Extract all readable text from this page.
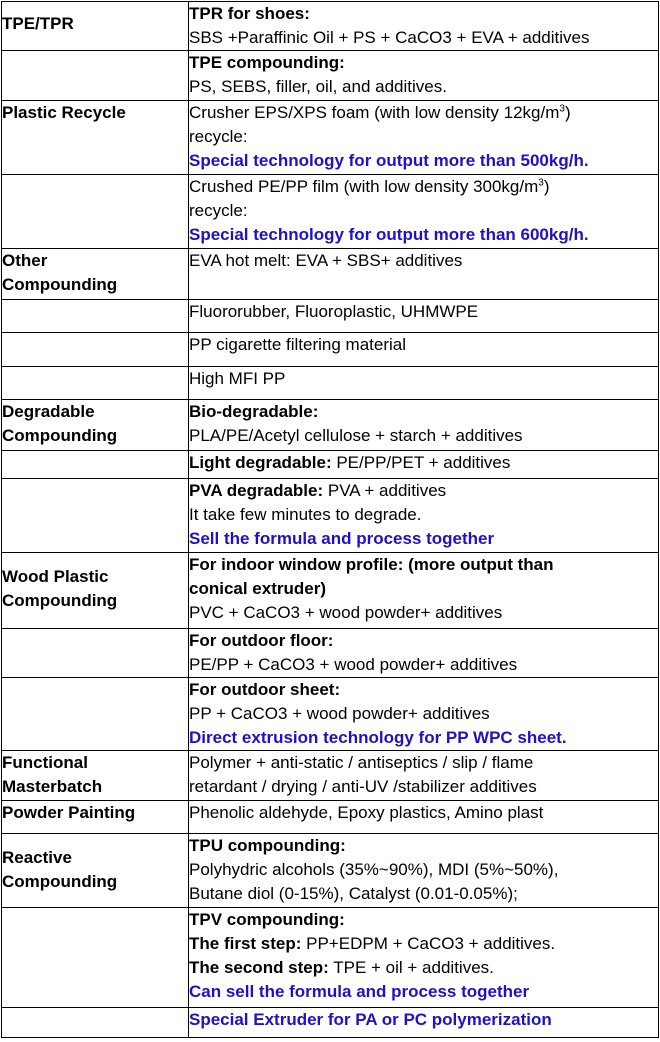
TPE/TPR	TPR for shoes:
SBS +Paraffinic Oil + PS + CaCO3 + EVA + additives

	TPE compounding:
PS, SEBS, filler, oil, and additives.

Plastic Recycle	Crusher EPS/XPS foam (with low density $12kg/m^3$)
recycle:
Special technology for output more than 500kg/h.

	Crushed PE/PP film (with low density $300kg/m^3$)
recycle:
Special technology for output more than 600kg/h.

Other
Compounding	EVA hot melt: EVA + SBS+ additives
	Fluororubber, Fluoroplastic, UHMWPE
	PP cigarette filtering material
	High MFI PP

Degradable
Compounding	Bio-degradable:
PLA/PE/Acetyl cellulose + starch + additives

	Light degradable: PE/PP/PET + additives

	PVA degradable: PVA + additives
It take few minutes to degrade.
Sell the formula and process together

Wood Plastic
Compounding	For indoor window profile: (more output than
conical extruder)
PVC + CaCO3 + wood powder+ additives

	For outdoor floor:
PE/PP + CaCO3 + wood powder+ additives

	For outdoor sheet:
PP + CaCO3 + wood powder+ additives
Direct extrusion technology for PP WPC sheet.

Functional
Masterbatch	Polymer + anti-static / antiseptics / slip / flame
retardant / drying / anti-UV /stabilizer additives

Powder Painting	Phenolic aldehyde, Epoxy plastics, Amino plast

Reactive
Compounding	TPU compounding:
Polyhydric alcohols (35%~90%), MDI (5%~50%),
Butane diol (0-15%), Catalyst (0.01-0.05%);

	TPV compounding:
The first step: PP+EDPM + CaCO3 + additives.
The second step: TPE + oil + additives.
Can sell the formula and process together

	Special Extruder for PA or PC polymerization
